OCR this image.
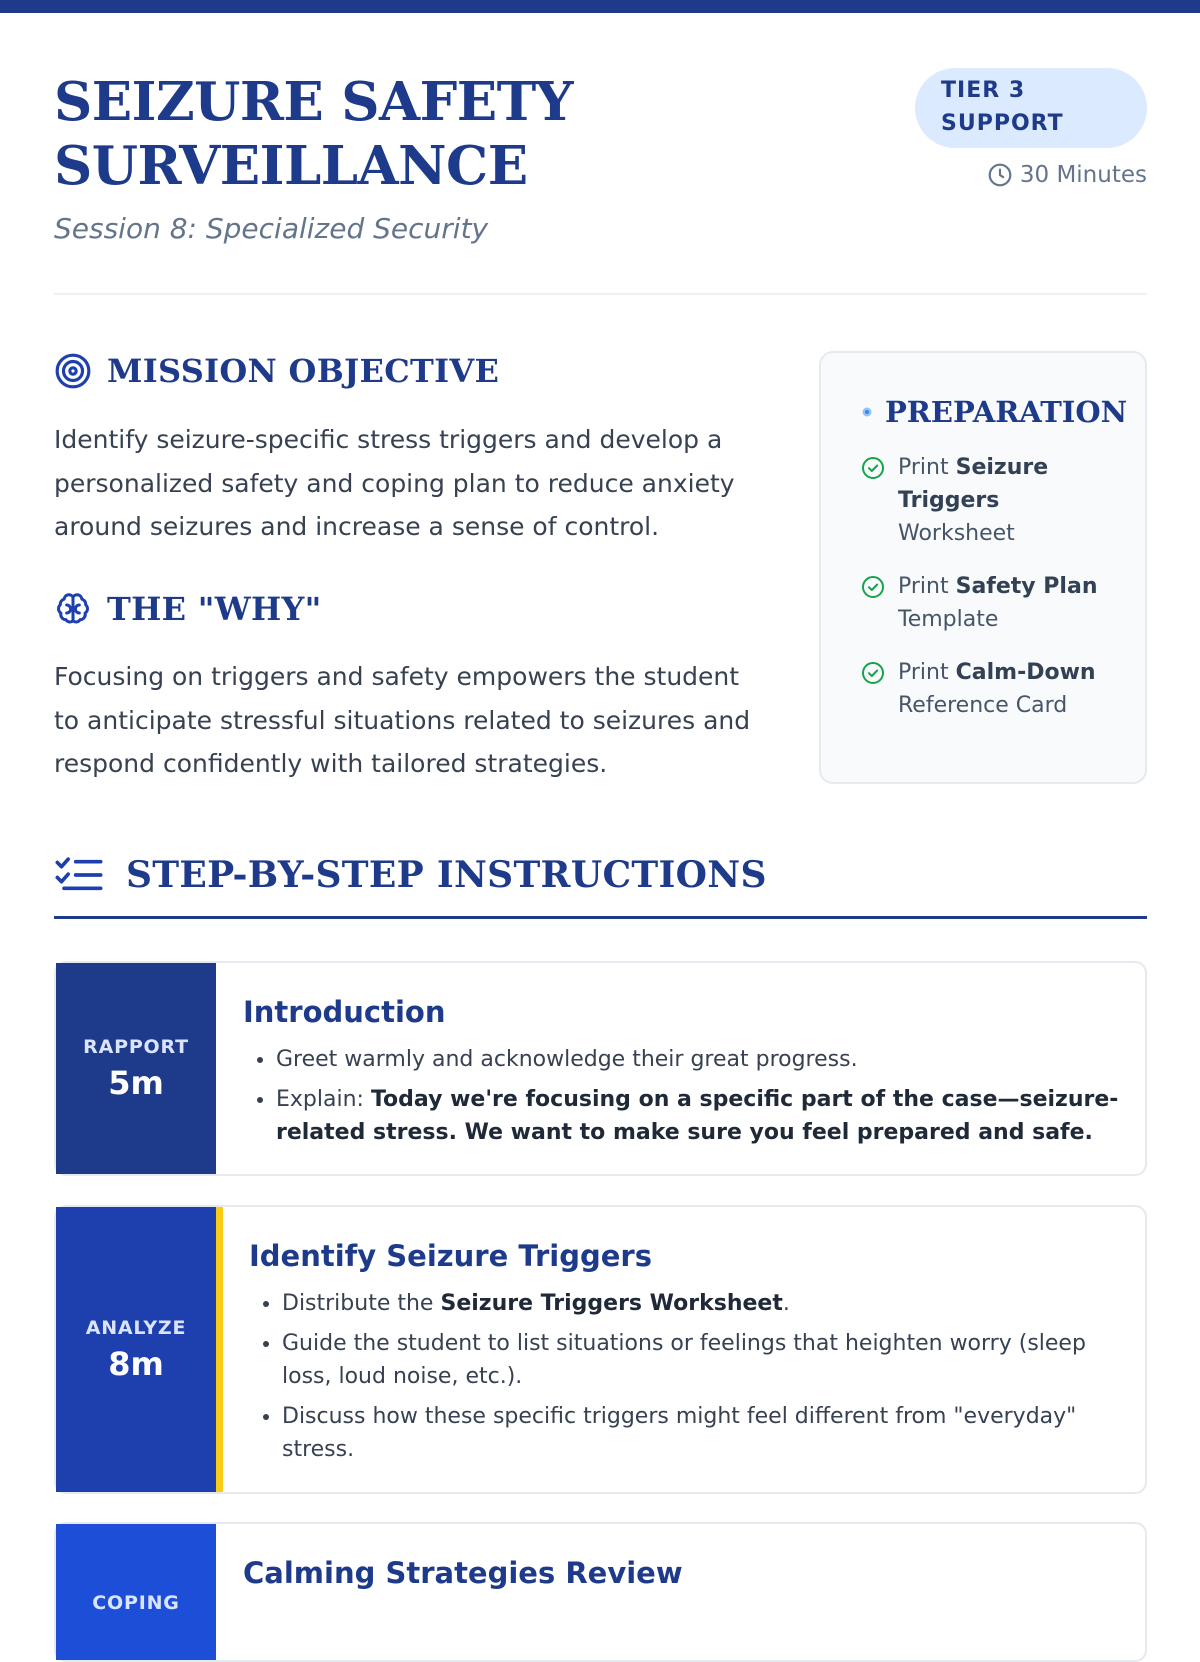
SEIZURE SAFETY
SURVEILLANCE
Session 8: Specialized Security
TIER 3
SUPPORT
30 Minutes
MISSION OBJECTIVE
Identify seizure-specific stress triggers and develop a
personalized safety and coping plan to reduce anxiety
around seizures and increase a sense of control.
THE "WHY"
Focusing on triggers and safety empowers the student
to anticipate stressful situations related to seizures and
respond confidently with tailored strategies.
PREPARATION
Print Seizure
Triggers
Worksheet
Print Safety Plan
Template
Print Calm-Down
Reference Card
STEP-BY-STEP INSTRUCTIONS
RAPPORT
5m
Introduction
• Greet warmly and acknowledge their great progress.
• Explain: Today we're focusing on a specific part of the case—seizure-
related stress. We want to make sure you feel prepared and safe.
ANALYZE
8m
Identify Seizure Triggers
• Distribute the Seizure Triggers Worksheet.
• Guide the student to list situations or feelings that heighten worry (sleep
loss, loud noise, etc.).
• Discuss how these specific triggers might feel different from "everyday"
stress.
COPING
Calming Strategies Review
